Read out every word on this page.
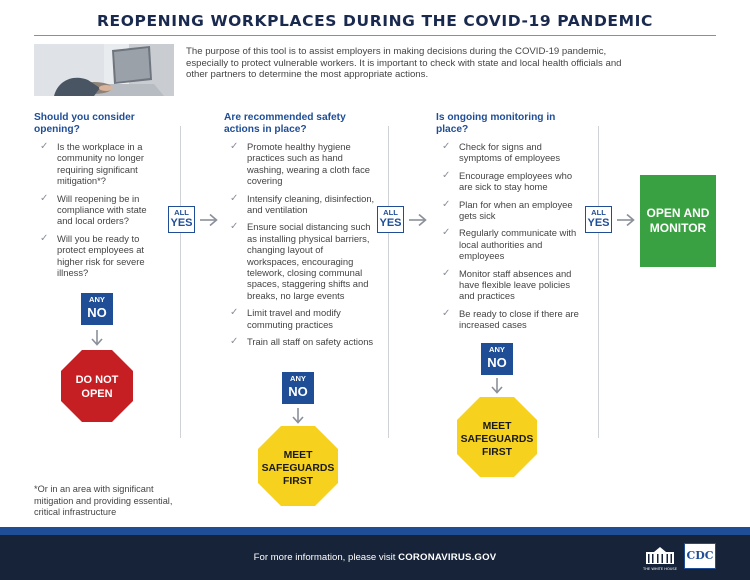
REOPENING WORKPLACES DURING THE COVID-19 PANDEMIC
The purpose of this tool is to assist employers in making decisions during the COVID-19 pandemic, especially to protect vulnerable workers. It is important to check with state and local health officials and other partners to determine the most appropriate actions.
Should you consider opening?
✓ Is the workplace in a community no longer requiring significant mitigation*?
✓ Will reopening be in compliance with state and local orders?
✓ Will you be ready to protect employees at higher risk for severe illness?
ANY
NO
DO NOT
OPEN
*Or in an area with significant mitigation and providing essential, critical infrastructure
ALL
YES
Are recommended safety actions in place?
✓ Promote healthy hygiene practices such as hand washing, wearing a cloth face covering
✓ Intensify cleaning, disinfection, and ventilation
✓ Ensure social distancing such as installing physical barriers, changing layout of workspaces, encouraging telework, closing communal spaces, staggering shifts and breaks, no large events
✓ Limit travel and modify commuting practices
✓ Train all staff on safety actions
ANY
NO
MEET
SAFEGUARDS
FIRST
ALL
YES
Is ongoing monitoring in place?
✓ Check for signs and symptoms of employees
✓ Encourage employees who are sick to stay home
✓ Plan for when an employee gets sick
✓ Regularly communicate with local authorities and employees
✓ Monitor staff absences and have flexible leave policies and practices
✓ Be ready to close if there are increased cases
ANY
NO
MEET
SAFEGUARDS
FIRST
ALL
YES
OPEN AND
MONITOR
For more information, please visit CORONAVIRUS.GOV
THE WHITE HOUSE
CDC
